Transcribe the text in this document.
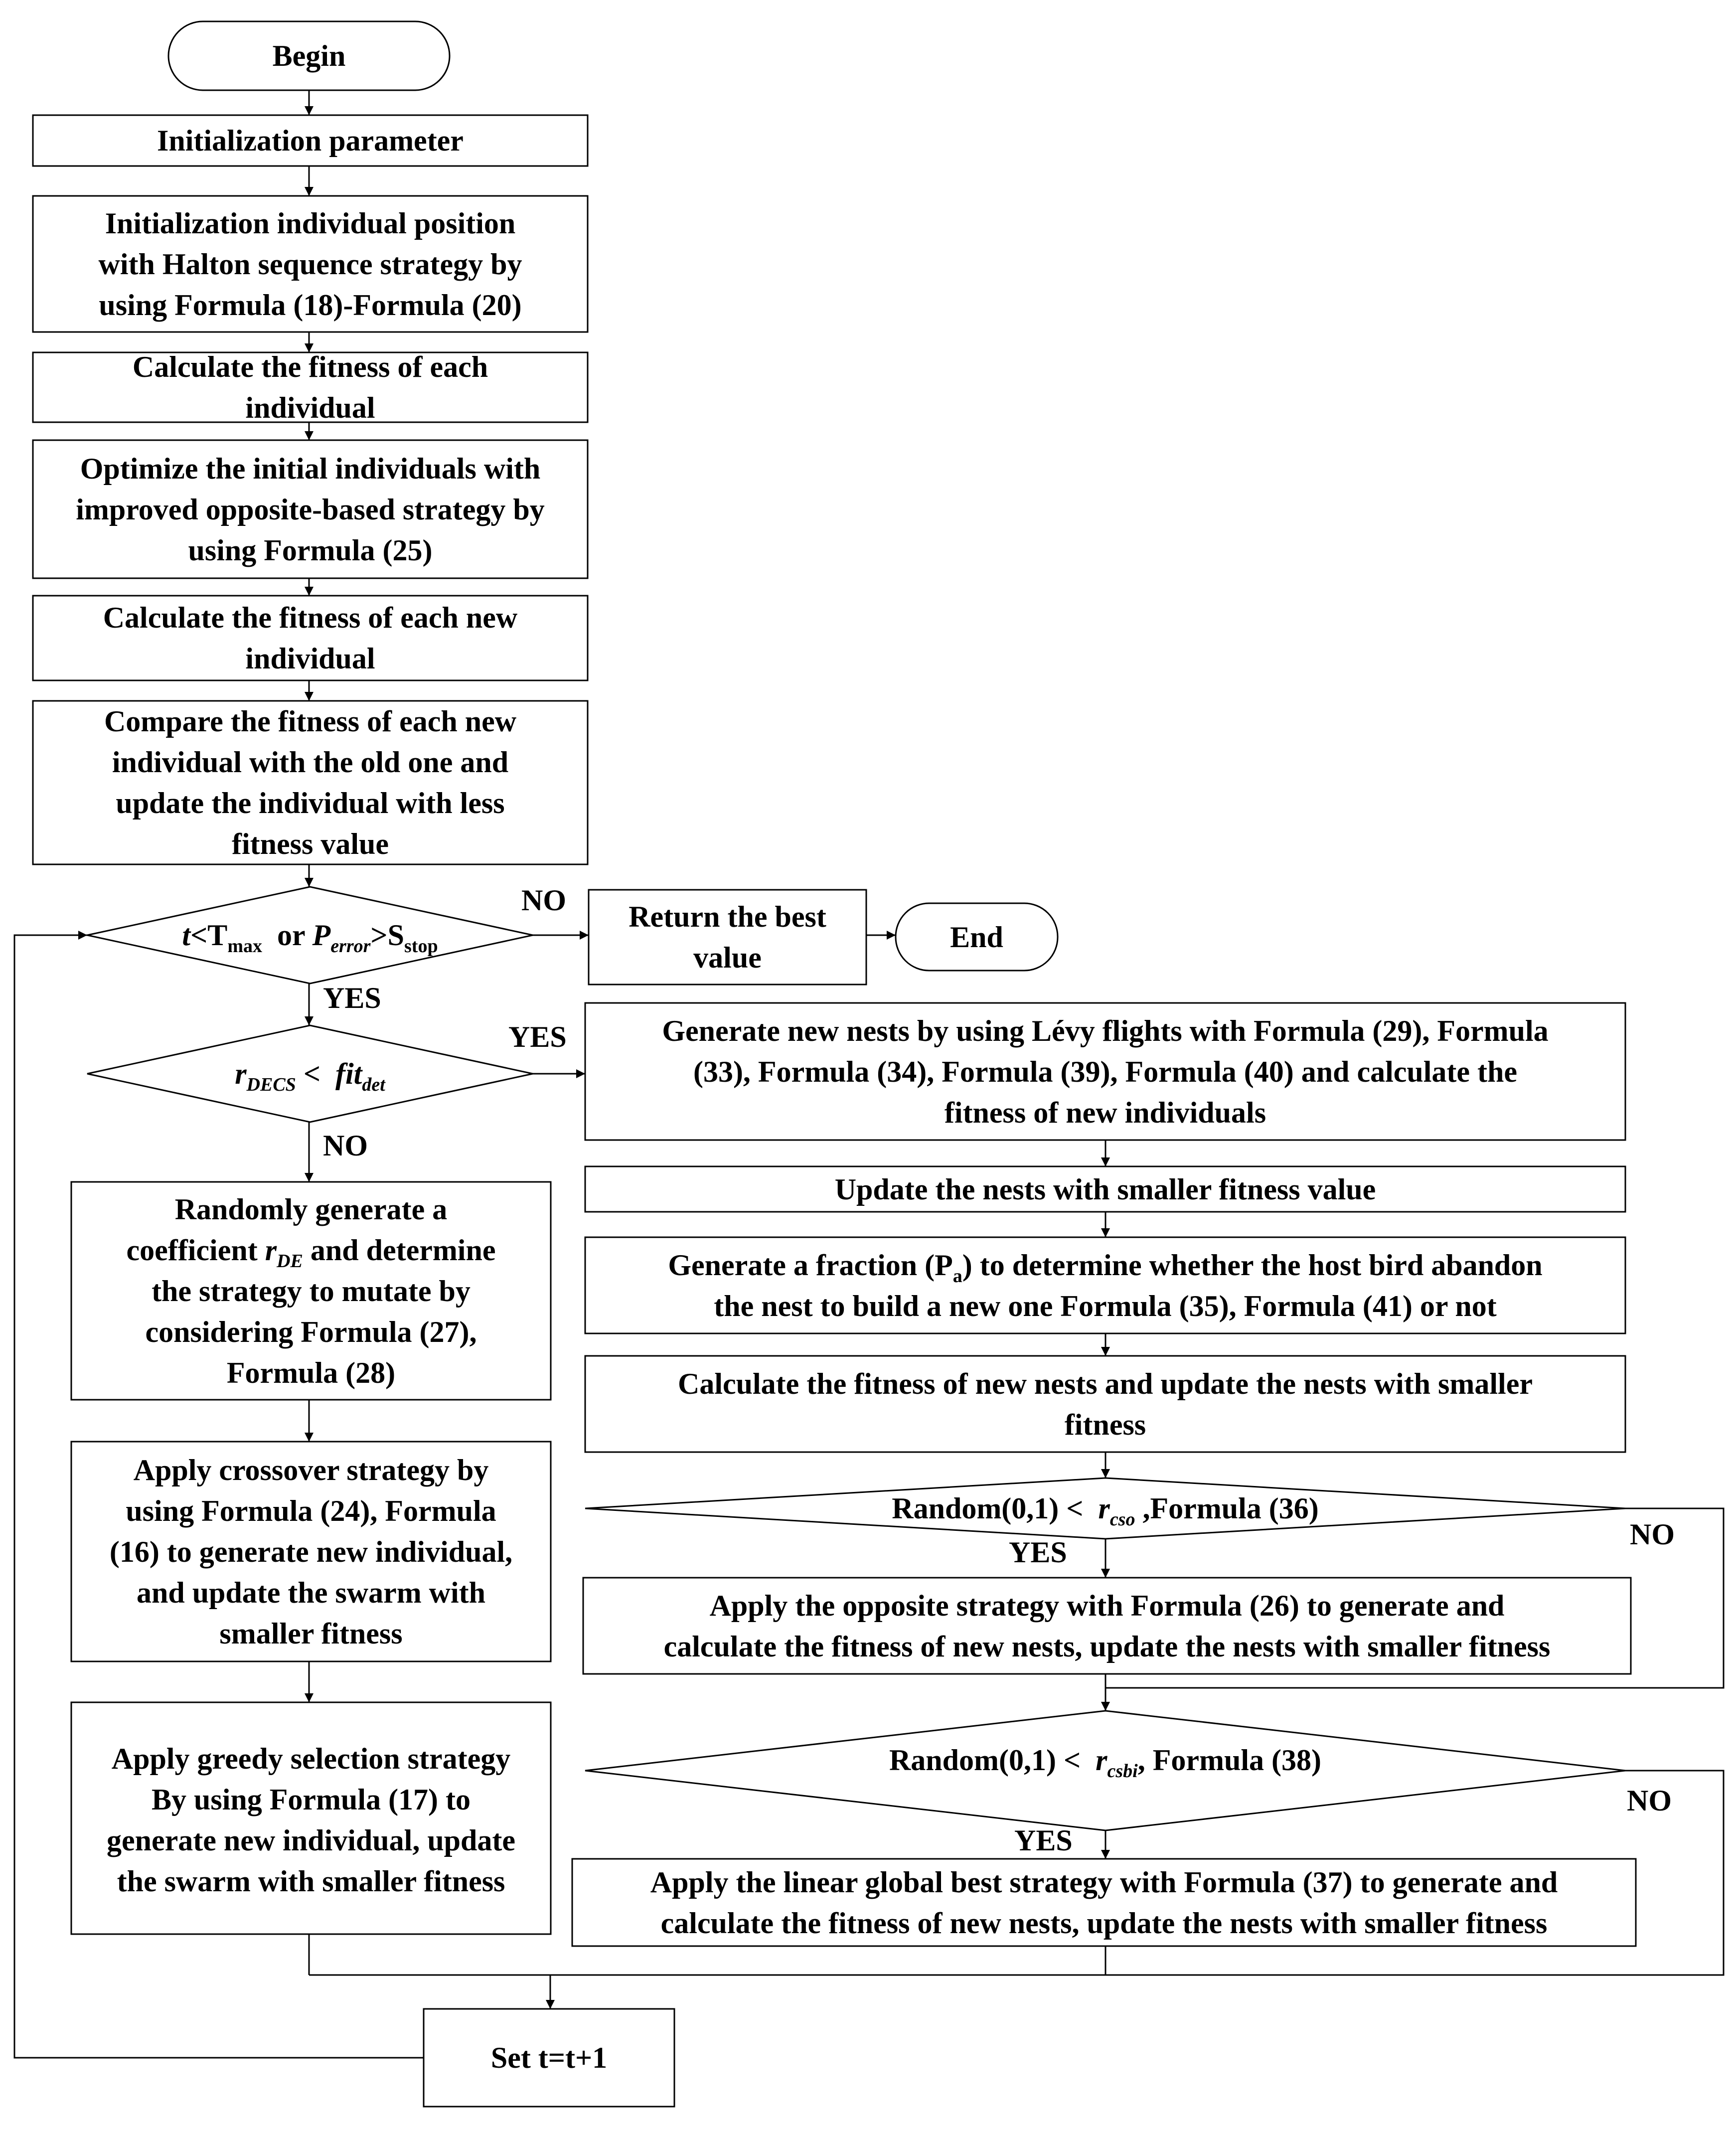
Begin
Initialization parameter
Initialization individual position
with Halton sequence strategy by
using Formula (18)-Formula (20)
Calculate the fitness of each
individual
Optimize the initial individuals with
improved opposite-based strategy by
using Formula (25)
Calculate the fitness of each new
individual
Compare the fitness of each new
individual with the old one and
update the individual with less
fitness value
$t<T_{max}$ or $P_{error}>S_{stop}$
Return the best
value
End
$r_{DECS} < fit_{det}$
Generate new nests by using Lévy flights with Formula (29), Formula
(33), Formula (34), Formula (39), Formula (40) and calculate the
fitness of new individuals
Update the nests with smaller fitness value
Generate a fraction $(P_a)$ to determine whether the host bird abandon
the nest to build a new one Formula (35), Formula (41) or not
Calculate the fitness of new nests and update the nests with smaller
fitness
Random(0,1) < $r_{cso}$ ,Formula (36)
Apply the opposite strategy with Formula (26) to generate and
calculate the fitness of new nests, update the nests with smaller fitness
Random(0,1) < $r_{csbi}$, Formula (38)
Apply the linear global best strategy with Formula (37) to generate and
calculate the fitness of new nests, update the nests with smaller fitness
Randomly generate a
coefficient $r_{DE}$ and determine
the strategy to mutate by
considering Formula (27),
Formula (28)
Apply crossover strategy by
using Formula (24), Formula
(16) to generate new individual,
and update the swarm with
smaller fitness
Apply greedy selection strategy
By using Formula (17) to
generate new individual, update
the swarm with smaller fitness
Set t=t+1
NO
YES
YES
NO
YES
NO
YES
NO
